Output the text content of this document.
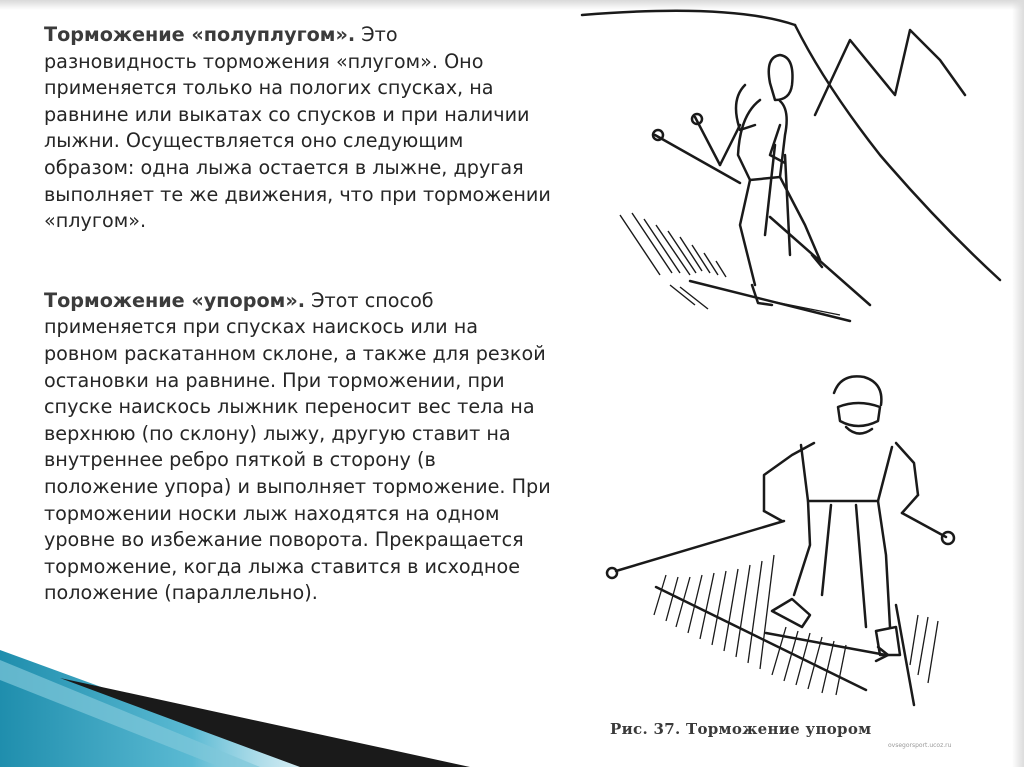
Торможение «полуплугом». Это разновидность торможения «плугом». Оно применяется только на пологих спусках, на равнине или выкатах со спусков и при наличии лыжни. Осуществляется оно следующим образом: одна лыжа остается в лыжне, другая выполняет те же движения, что при торможении «плугом».

Торможение «упором». Этот способ применяется при спусках наискось или на ровном раскатанном склоне, а также для резкой остановки на равнине. При торможении, при спуске наискось лыжник переносит вес тела на верхнюю (по склону) лыжу, другую ставит на внутреннее ребро пяткой в сторону (в положение упора) и выполняет торможение. При торможении носки лыж находятся на одном уровне во избежание поворота. Прекращается торможение, когда лыжа ставится в исходное положение (параллельно).

Рис. 37. Торможение упором
ovsegorsport.ucoz.ru
